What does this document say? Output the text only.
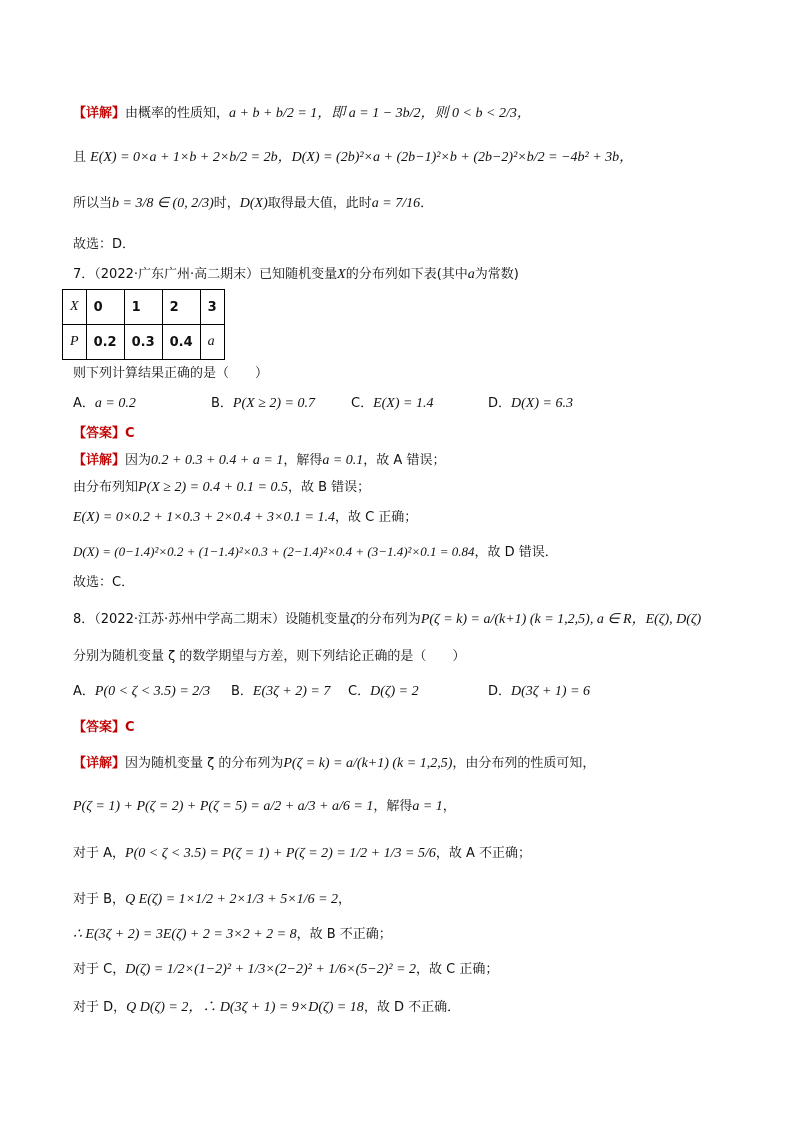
【详解】由概率的性质知，a + b + b/2 = 1，即 a = 1 − 3b/2，则 0 < b < 2/3，
且 E(X) = 0×a + 1×b + 2×b/2 = 2b，D(X) = (2b)²×a + (2b−1)²×b + (2b−2)²×b/2 = −4b² + 3b，
所以当b = 3/8 ∈ (0, 2/3)时，D(X)取得最大值，此时a = 7/16．
故选：D．
7．（2022·广东广州·高二期末）已知随机变量X的分布列如下表(其中a为常数)
X	0	1	2	3
P	0.2	0.3	0.4	a
则下列计算结果正确的是（　　）
A．a = 0.2	B．P(X ≥ 2) = 0.7	C．E(X) = 1.4	D．D(X) = 6.3
【答案】C
【详解】因为0.2 + 0.3 + 0.4 + a = 1，解得a = 0.1，故 A 错误；
由分布列知P(X ≥ 2) = 0.4 + 0.1 = 0.5，故 B 错误；
E(X) = 0×0.2 + 1×0.3 + 2×0.4 + 3×0.1 = 1.4，故 C 正确；
D(X) = (0−1.4)²×0.2 + (1−1.4)²×0.3 + (2−1.4)²×0.4 + (3−1.4)²×0.1 = 0.84，故 D 错误．
故选：C．
8．（2022·江苏·苏州中学高二期末）设随机变量ζ的分布列为P(ζ = k) = a/(k+1) (k = 1,2,5), a ∈ R，E(ζ), D(ζ)
分别为随机变量 ζ 的数学期望与方差，则下列结论正确的是（　　）
A．P(0 < ζ < 3.5) = 2/3 B．E(3ζ + 2) = 7 C．D(ζ) = 2	D．D(3ζ + 1) = 6
【答案】C
【详解】因为随机变量 ζ 的分布列为P(ζ = k) = a/(k+1) (k = 1,2,5)，由分布列的性质可知，
P(ζ = 1) + P(ζ = 2) + P(ζ = 5) = a/2 + a/3 + a/6 = 1，解得a = 1，
对于 A，P(0 < ζ < 3.5) = P(ζ = 1) + P(ζ = 2) = 1/2 + 1/3 = 5/6，故 A 不正确；
对于 B，Q E(ζ) = 1×1/2 + 2×1/3 + 5×1/6 = 2，
∴ E(3ζ + 2) = 3E(ζ) + 2 = 3×2 + 2 = 8，故 B 不正确；
对于 C，D(ζ) = 1/2×(1−2)² + 1/3×(2−2)² + 1/6×(5−2)² = 2，故 C 正确；
对于 D，Q D(ζ) = 2，∴ D(3ζ + 1) = 9×D(ζ) = 18，故 D 不正确．
